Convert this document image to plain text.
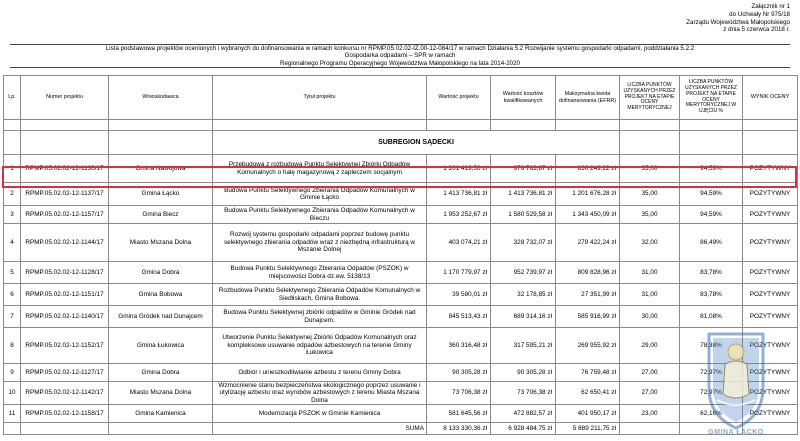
Załącznik nr 1
do Uchwały Nr 975/18
Zarządu Województwa Małopolskiego
z dnia 5 czerwca 2018 r.
Lista podstawowa projektów ocenionych i wybranych do dofinansowania w ramach konkursu nr RPMP.05.02.02-IZ.00-12-084/17 w ramach Działania 5.2 Rozwijanie systemu gospodarki odpadami, poddziałania 5.2.2 Gospodarka odpadami – SPR w ramach
Regionalnego Programu Operacyjnego Województwa Małopolskiego na lata 2014-2020
Lp.	Numer projektu	Wnioskodawca	Tytuł projektu	Wartość projektu	Wartość kosztów kwalifikowanych	Maksymalna kwota dofinansowania (EFRR)	LICZBA PUNKTÓW UZYSKANYCH PRZEZ PROJEKT NA ETAPIE OCENY MERYTORYCZNEJ	LICZBA PUNKTÓW UZYSKANYCH PRZEZ PROJEKT NA ETAPIE OCENY MERYTORYCZNEJ W UJĘCIU %	WYNIK OCENY

			SUBREGION SĄDECKI						
1	RPMP.05.02.02-12-1130/17	Gmina Nawojowa	Przebudowa z rozbudową Punktu Selektywnej Zbiórki Odpadów Komunalnych o halę magazynową z zapleczem socjalnym	1 201 419,56 zł	976 763,87 zł	830 249,22 zł	35,00	94,59%	POZYTYWNY
2	RPMP.05.02.02-12-1137/17	Gmina Łącko	Budowa Punktu Selektywnego Zbierania Odpadów Komunalnych w Gminie Łącko	1 413 736,81 zł	1 413 736,81 zł	1 201 676,28 zł	35,00	94,59%	POZYTYWNY
3	RPMP.05.02.02-12-1157/17	Gmina Biecz	Budowa Punktu Selektywnego Zbierania Odpadów Komunalnych w Bieczu	1 953 252,67 zł	1 580 529,58 zł	1 343 450,09 zł	35,00	94,59%	POZYTYWNY
4	RPMP.05.02.02-12-1144/17	Miasto Mszana Dolna	Rozwój systemu gospodarki odpadami poprzez budowę punktu selektywnego zbierania odpadów wraz z niezbędną infrastrukturą w Mszanie Dolnej	403 074,21 zł	328 732,07 zł	279 422,24 zł	32,00	86,49%	POZYTYWNY
5	RPMP.05.02.02-12-1128/17	Gmina Dobra	Budowa Punktu Selektywnego Zbierania Odpadów (PSZOK) w miejscowości Dobra dz.ew. 5138/13	1 170 779,97 zł	952 739,97 zł	809 828,96 zł	31,00	83,78%	POZYTYWNY
6	RPMP.05.02.02-12-1151/17	Gmina Bobowa	Rozbudowa Punktu Selektywnego Zbierania Odpadów Komunalnych w Siedliskach, Gmina Bobowa.	39 580,01 zł	32 178,85 zł	27 351,99 zł	31,00	83,78%	POZYTYWNY
7	RPMP.05.02.02-12-1140/17	Gmina Gródek nad Dunajcem	Budowa Punktu Selektywnej zbiórki odpadów w Gminie Gródek nad Dunajcem.	845 513,43 zł	689 314,16 zł	585 916,99 zł	30,00	81,08%	POZYTYWNY
8	RPMP.05.02.02-12-1152/17	Gmina Łukowica	Utworzenie Punktu Selektywnej Zbiórki Odpadów Komunalnych oraz kompleksowe usuwanie odpadów azbestowych na terenie Gminy Łukowica	360 316,48 zł	317 595,21 zł	269 955,92 zł	29,00	78,38%	POZYTYWNY
9	RPMP.05.02.02-12-1127/17	Gmina Dobra	Odbiór i unieszkodliwianie azbestu z terenu Gminy Dobra	90 305,28 zł	90 305,28 zł	76 759,48 zł	27,00	72,97%	POZYTYWNY
10	RPMP.05.02.02-12-1142/17	Miasto Mszana Dolna	Wzmocnienie stanu bezpieczeństwa ekologicznego poprzez usuwanie i utylizację azbestu oraz wyrobów azbestowych z terenu Miasta Mszana Dolna	73 706,38 zł	73 706,38 zł	62 650,41 zł	27,00	72,97%	POZYTYWNY
11	RPMP.05.02.02-12-1158/17	Gmina Kamienica	Modernizacja PSZOK w Gminie Kamienica	581 645,56 zł	472 882,57 zł	401 950,17 zł	23,00	62,16%	POZYTYWNY
			SUMA	8 133 330,36 zł	6 928 484,75 zł	5 889 211,75 zł			
GMINA ŁĄCKO
